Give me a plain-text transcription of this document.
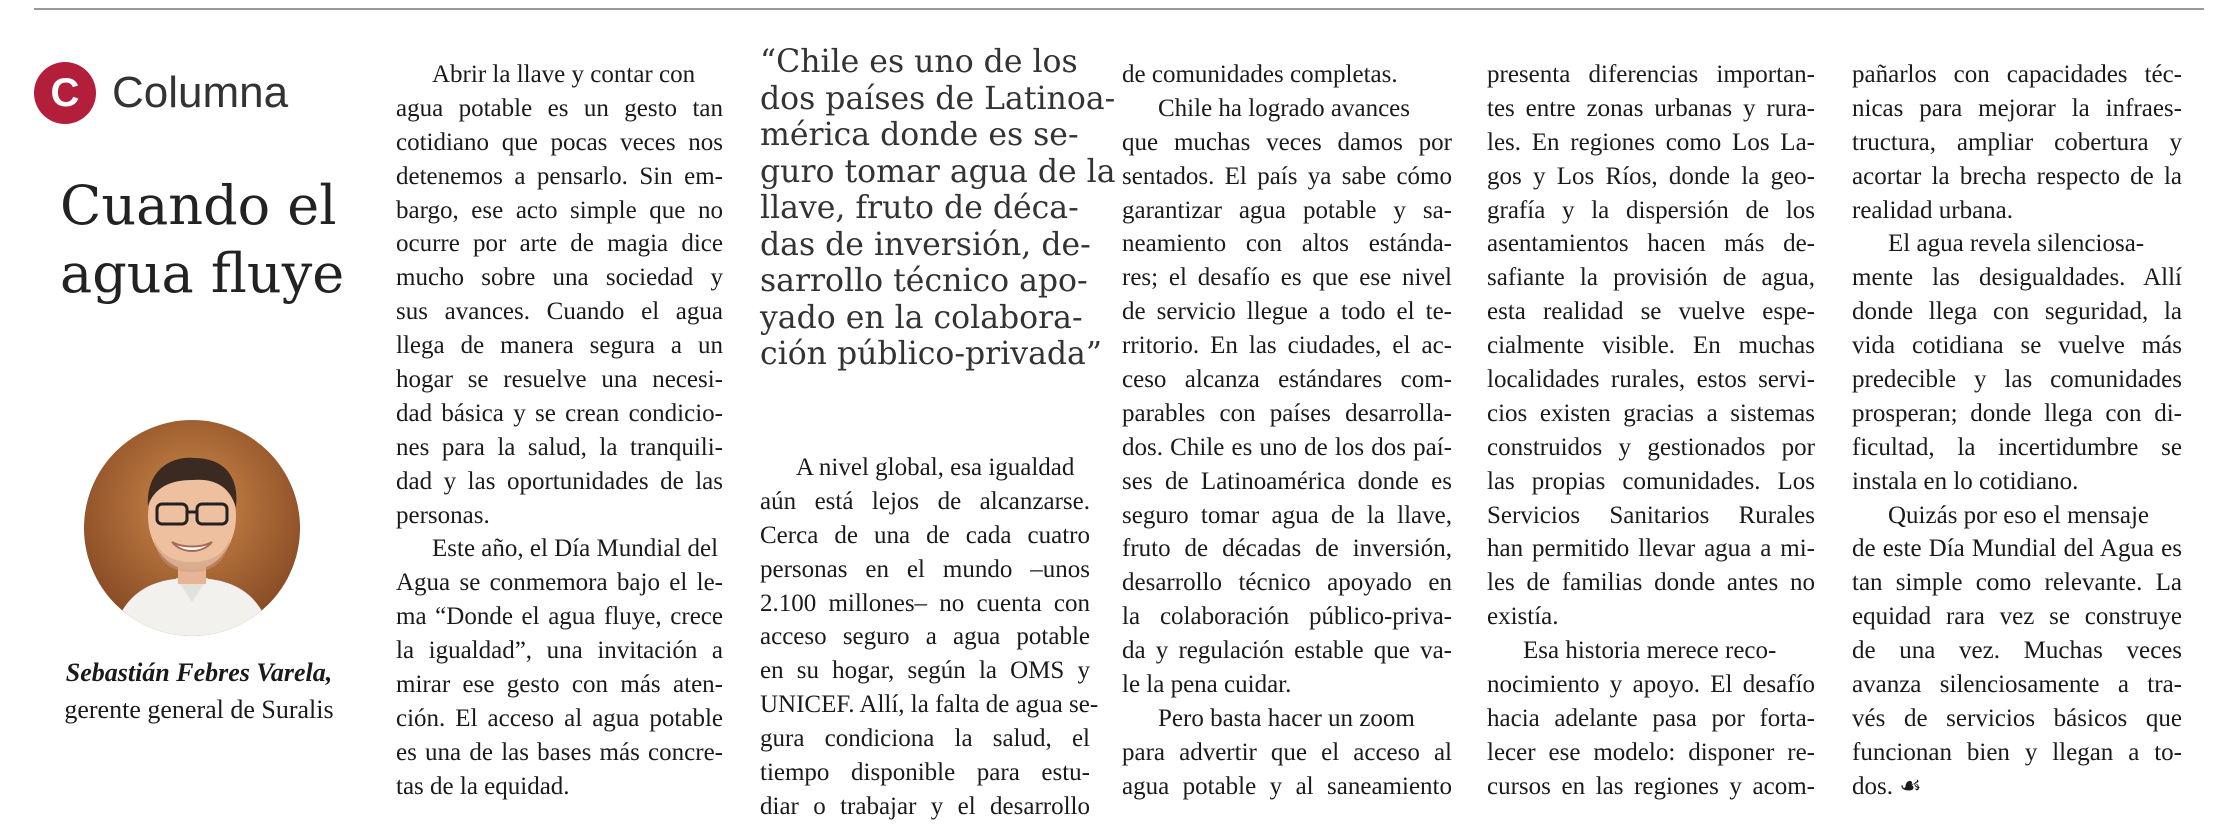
C Columna
Cuando el
agua fluye
Sebastián Febres Varela,
gerente general de Suralis
“Chile es uno de los
dos países de Latinoa-
mérica donde es se-
guro tomar agua de la
llave, fruto de déca-
das de inversión, de-
sarrollo técnico apo-
yado en la colabora-
ción público-privada”
Abrir la llave y contar con
agua potable es un gesto tan
cotidiano que pocas veces nos
detenemos a pensarlo. Sin em-
bargo, ese acto simple que no
ocurre por arte de magia dice
mucho sobre una sociedad y
sus avances. Cuando el agua
llega de manera segura a un
hogar se resuelve una necesi-
dad básica y se crean condicio-
nes para la salud, la tranquili-
dad y las oportunidades de las
personas.
Este año, el Día Mundial del
Agua se conmemora bajo el le-
ma “Donde el agua fluye, crece
la igualdad”, una invitación a
mirar ese gesto con más aten-
ción. El acceso al agua potable
es una de las bases más concre-
tas de la equidad.
A nivel global, esa igualdad
aún está lejos de alcanzarse.
Cerca de una de cada cuatro
personas en el mundo –unos
2.100 millones– no cuenta con
acceso seguro a agua potable
en su hogar, según la OMS y
UNICEF. Allí, la falta de agua se-
gura condiciona la salud, el
tiempo disponible para estu-
diar o trabajar y el desarrollo
de comunidades completas.
Chile ha logrado avances
que muchas veces damos por
sentados. El país ya sabe cómo
garantizar agua potable y sa-
neamiento con altos estánda-
res; el desafío es que ese nivel
de servicio llegue a todo el te-
rritorio. En las ciudades, el ac-
ceso alcanza estándares com-
parables con países desarrolla-
dos. Chile es uno de los dos paí-
ses de Latinoamérica donde es
seguro tomar agua de la llave,
fruto de décadas de inversión,
desarrollo técnico apoyado en
la colaboración público-priva-
da y regulación estable que va-
le la pena cuidar.
Pero basta hacer un zoom
para advertir que el acceso al
agua potable y al saneamiento
presenta diferencias importan-
tes entre zonas urbanas y rura-
les. En regiones como Los La-
gos y Los Ríos, donde la geo-
grafía y la dispersión de los
asentamientos hacen más de-
safiante la provisión de agua,
esta realidad se vuelve espe-
cialmente visible. En muchas
localidades rurales, estos servi-
cios existen gracias a sistemas
construidos y gestionados por
las propias comunidades. Los
Servicios Sanitarios Rurales
han permitido llevar agua a mi-
les de familias donde antes no
existía.
Esa historia merece reco-
nocimiento y apoyo. El desafío
hacia adelante pasa por forta-
lecer ese modelo: disponer re-
cursos en las regiones y acom-
pañarlos con capacidades téc-
nicas para mejorar la infraes-
tructura, ampliar cobertura y
acortar la brecha respecto de la
realidad urbana.
El agua revela silenciosa-
mente las desigualdades. Allí
donde llega con seguridad, la
vida cotidiana se vuelve más
predecible y las comunidades
prosperan; donde llega con di-
ficultad, la incertidumbre se
instala en lo cotidiano.
Quizás por eso el mensaje
de este Día Mundial del Agua es
tan simple como relevante. La
equidad rara vez se construye
de una vez. Muchas veces
avanza silenciosamente a tra-
vés de servicios básicos que
funcionan bien y llegan a to-
dos. ☙
